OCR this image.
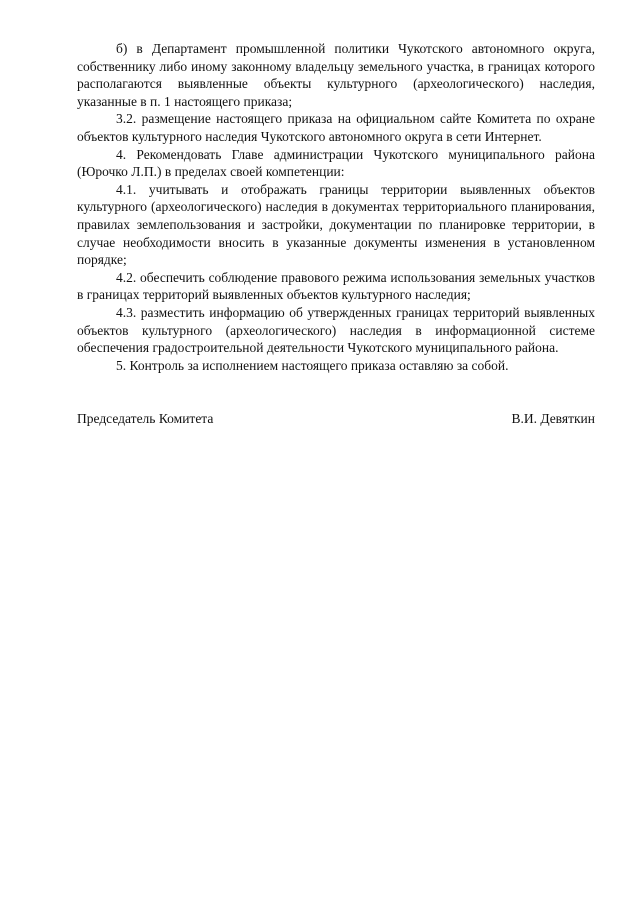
б) в Департамент промышленной политики Чукотского автономного округа, собственнику либо иному законному владельцу земельного участка, в границах которого располагаются выявленные объекты культурного (археологического) наследия, указанные в п. 1 настоящего приказа;

3.2. размещение настоящего приказа на официальном сайте Комитета по охране объектов культурного наследия Чукотского автономного округа в сети Интернет.

4. Рекомендовать Главе администрации Чукотского муниципального района (Юрочко Л.П.) в пределах своей компетенции:

4.1. учитывать и отображать границы территории выявленных объектов культурного (археологического) наследия в документах территориального планирования, правилах землепользования и застройки, документации по планировке территории, в случае необходимости вносить в указанные документы изменения в установленном порядке;

4.2. обеспечить соблюдение правового режима использования земельных участков в границах территорий выявленных объектов культурного наследия;

4.3. разместить информацию об утвержденных границах территорий выявленных объектов культурного (археологического) наследия в информационной системе обеспечения градостроительной деятельности Чукотского муниципального района.

5. Контроль за исполнением настоящего приказа оставляю за собой.

Председатель Комитета	В.И. Девяткин
